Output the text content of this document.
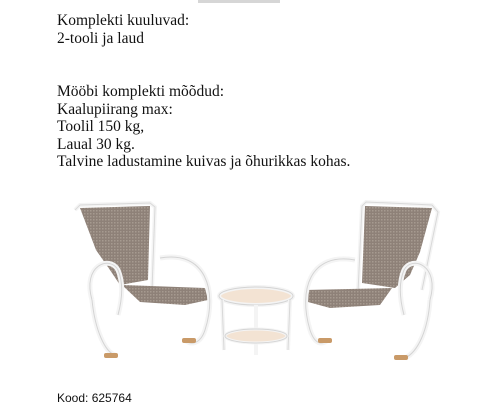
Komplekti kuuluvad:
2-tooli ja laud
Mööbi komplekti mõõdud:
Kaalupiirang max:
Toolil 150 kg,
Laual 30 kg.
Talvine ladustamine kuivas ja õhurikkas kohas.
Kood: 625764
